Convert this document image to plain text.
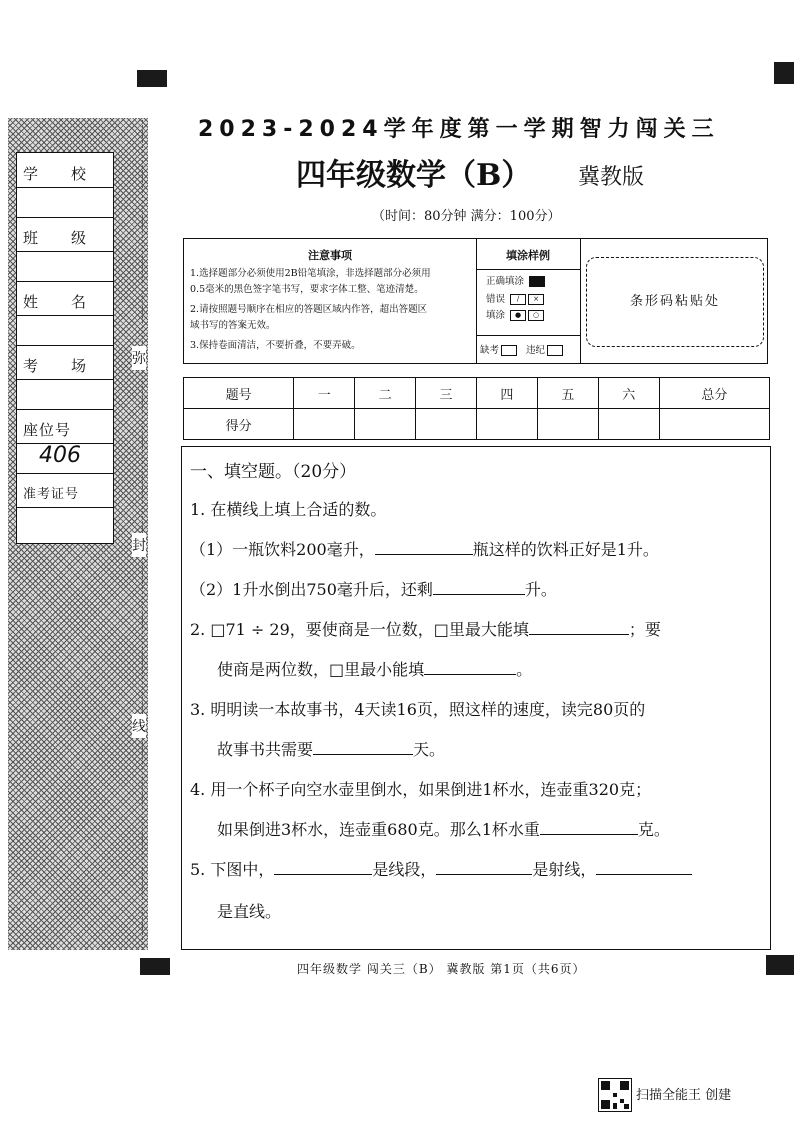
学　　校
班　　级
姓　　名
考　　场
座位号
406
准考证号
弥
封
线
2023-2024学年度第一学期智力闯关三
四年级数学（B） 冀教版
（时间：80分钟 满分：100分）
注意事项
1.选择题部分必须使用2B铅笔填涂，非选择题部分必须用
0.5毫米的黑色签字笔书写，要求字体工整、笔迹清楚。
2.请按照题号顺序在相应的答题区域内作答，超出答题区
域书写的答案无效。
3.保持卷面清洁，不要折叠，不要弄破。
填涂样例
正确填涂
错误 / ×
填涂 ● ○
缺考	违纪
条形码粘贴处
题号	一	二	三	四	五	六	总分
得分							
一、填空题。（20分）
1. 在横线上填上合适的数。
（1）一瓶饮料200毫升，	瓶这样的饮料正好是1升。
（2）1升水倒出750毫升后，还剩	升。
2. □71 ÷ 29，要使商是一位数，□里最大能填	；要
使商是两位数，□里最小能填	。
3. 明明读一本故事书，4天读16页，照这样的速度，读完80页的
故事书共需要	天。
4. 用一个杯子向空水壶里倒水，如果倒进1杯水，连壶重320克；
如果倒进3杯水，连壶重680克。那么1杯水重	克。
5. 下图中，	是线段，	是射线，
是直线。
四年级数学 闯关三（B） 冀教版 第1页（共6页）
扫描全能王 创建
